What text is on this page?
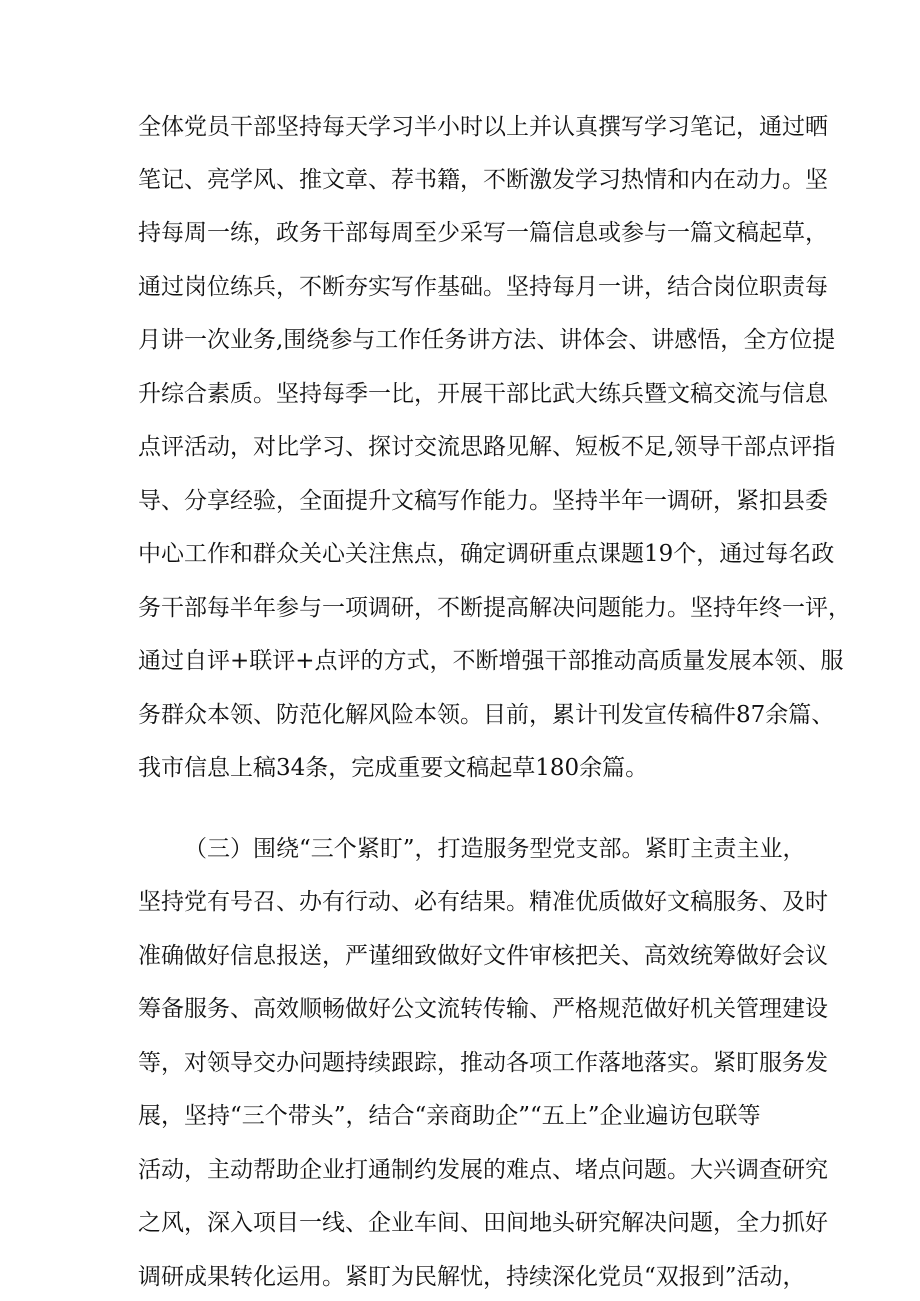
全体党员干部坚持每天学习半小时以上并认真撰写学习笔记，通过晒
笔记、亮学风、推文章、荐书籍，不断激发学习热情和内在动力。坚
持每周一练，政务干部每周至少采写一篇信息或参与一篇文稿起草，
通过岗位练兵，不断夯实写作基础。坚持每月一讲，结合岗位职责每
月讲一次业务,围绕参与工作任务讲方法、讲体会、讲感悟，全方位提
升综合素质。坚持每季一比，开展干部比武大练兵暨文稿交流与信息
点评活动，对比学习、探讨交流思路见解、短板不足,领导干部点评指
导、分享经验，全面提升文稿写作能力。坚持半年一调研，紧扣县委
中心工作和群众关心关注焦点，确定调研重点课题19个，通过每名政
务干部每半年参与一项调研，不断提高解决问题能力。坚持年终一评，
通过自评+联评+点评的方式，不断增强干部推动高质量发展本领、服
务群众本领、防范化解风险本领。目前，累计刊发宣传稿件87余篇、
我市信息上稿34条，完成重要文稿起草180余篇。
（三）围绕“三个紧盯”，打造服务型党支部。紧盯主责主业，
坚持党有号召、办有行动、必有结果。精准优质做好文稿服务、及时
准确做好信息报送，严谨细致做好文件审核把关、高效统筹做好会议
筹备服务、高效顺畅做好公文流转传输、严格规范做好机关管理建设
等，对领导交办问题持续跟踪，推动各项工作落地落实。紧盯服务发
展，坚持“三个带头”，结合“亲商助企”“五上”企业遍访包联等
活动，主动帮助企业打通制约发展的难点、堵点问题。大兴调查研究
之风，深入项目一线、企业车间、田间地头研究解决问题，全力抓好
调研成果转化运用。紧盯为民解忧，持续深化党员“双报到”活动，
